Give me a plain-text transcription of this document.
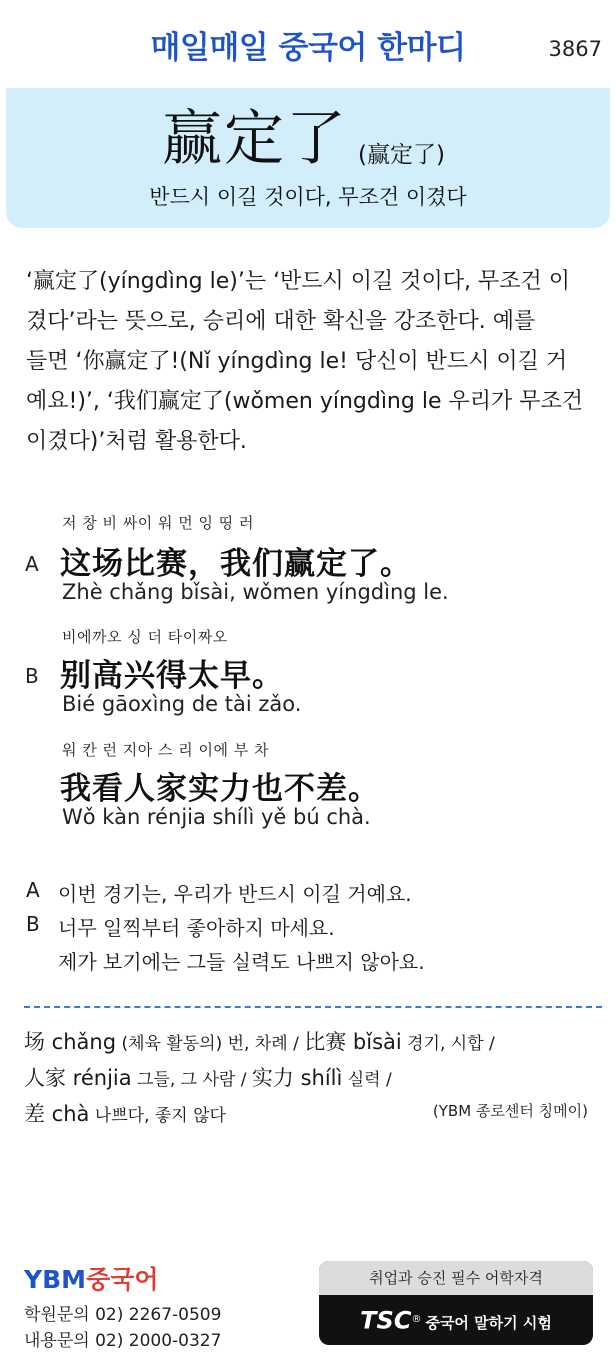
매일매일 중국어 한마디	3867
赢定了 (赢定了)
반드시 이길 것이다, 무조건 이겼다

‘赢定了(yíngdìng le)’는 ‘반드시 이길 것이다, 무조건 이

겼다’라는 뜻으로, 승리에 대한 확신을 강조한다. 예를

들면 ‘你赢定了!(Nǐ yíngdìng le! 당신이 반드시 이길 거

예요!)’, ‘我们赢定了(wǒmen yíngdìng le 우리가 무조건

이겼다)’처럼 활용한다.

저 창 비 싸이 워 먼 잉 띵 러
A 这场比赛，我们赢定了。
Zhè chǎng bǐsài, wǒmen yíngdìng le.
비에까오 싱 더 타이짜오
B 别高兴得太早。
Bié gāoxìng de tài zǎo.
워 칸 런 지아 스 리 이에 부 차
我看人家实力也不差。
Wǒ kàn rénjia shílì yě bú chà.
A 이번 경기는, 우리가 반드시 이길 거예요.
B 너무 일찍부터 좋아하지 마세요.
제가 보기에는 그들 실력도 나쁘지 않아요.
场 chǎng (체육 활동의) 번, 차례 / 比赛 bǐsài 경기, 시합 /
人家 rénjia 그들, 그 사람 / 实力 shílì 실력 /
差 chà 나쁘다, 좋지 않다	(YBM 종로센터 칭메이)
YBM중국어
학원문의 02) 2267-0509
내용문의 02) 2000-0327
취업과 승진 필수 어학자격
TSC® 중국어 말하기 시험
